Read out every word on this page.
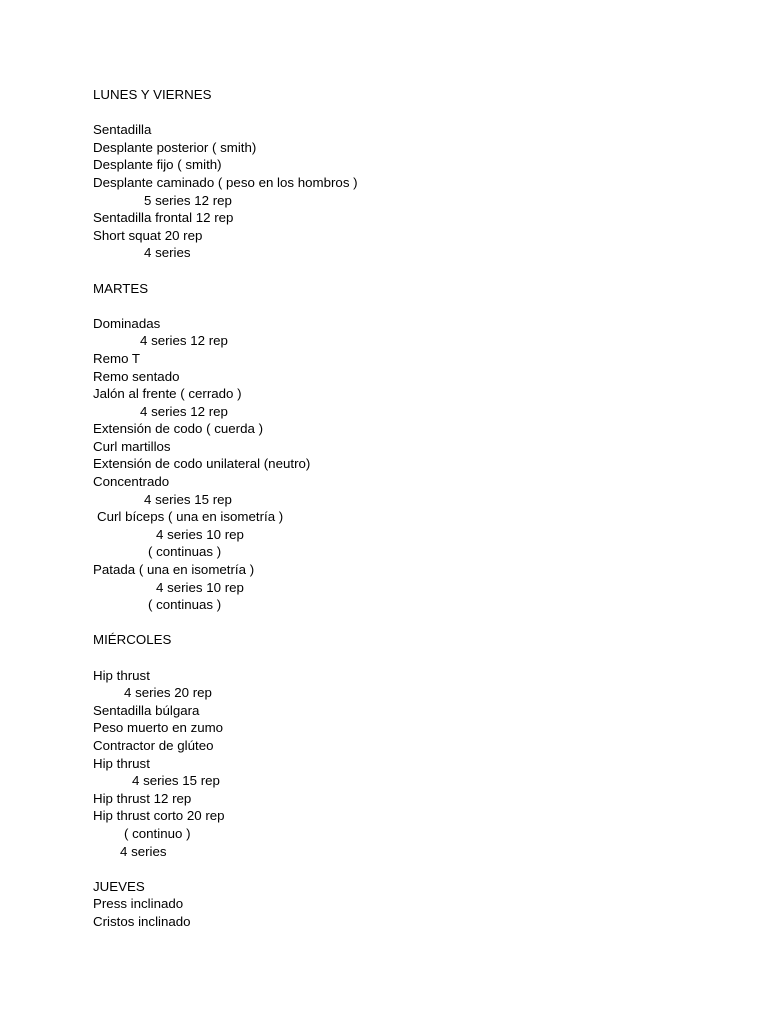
LUNES Y VIERNES
Sentadilla
Desplante posterior ( smith)
Desplante fijo ( smith)
Desplante caminado ( peso en los hombros )
5 series 12 rep
Sentadilla frontal 12 rep
Short squat 20 rep
4 series
MARTES
Dominadas
4 series 12 rep
Remo T
Remo sentado
Jalón al frente ( cerrado )
4 series 12 rep
Extensión de codo ( cuerda )
Curl martillos
Extensión de codo unilateral (neutro)
Concentrado
4 series 15 rep
Curl bíceps ( una en isometría )
4 series 10 rep
( continuas )
Patada ( una en isometría )
4 series 10 rep
( continuas )
MIÉRCOLES
Hip thrust
4 series 20 rep
Sentadilla búlgara
Peso muerto en zumo
Contractor de glúteo
Hip thrust
4 series 15 rep
Hip thrust 12 rep
Hip thrust corto 20 rep
( continuo )
4 series
JUEVES
Press inclinado
Cristos inclinado
